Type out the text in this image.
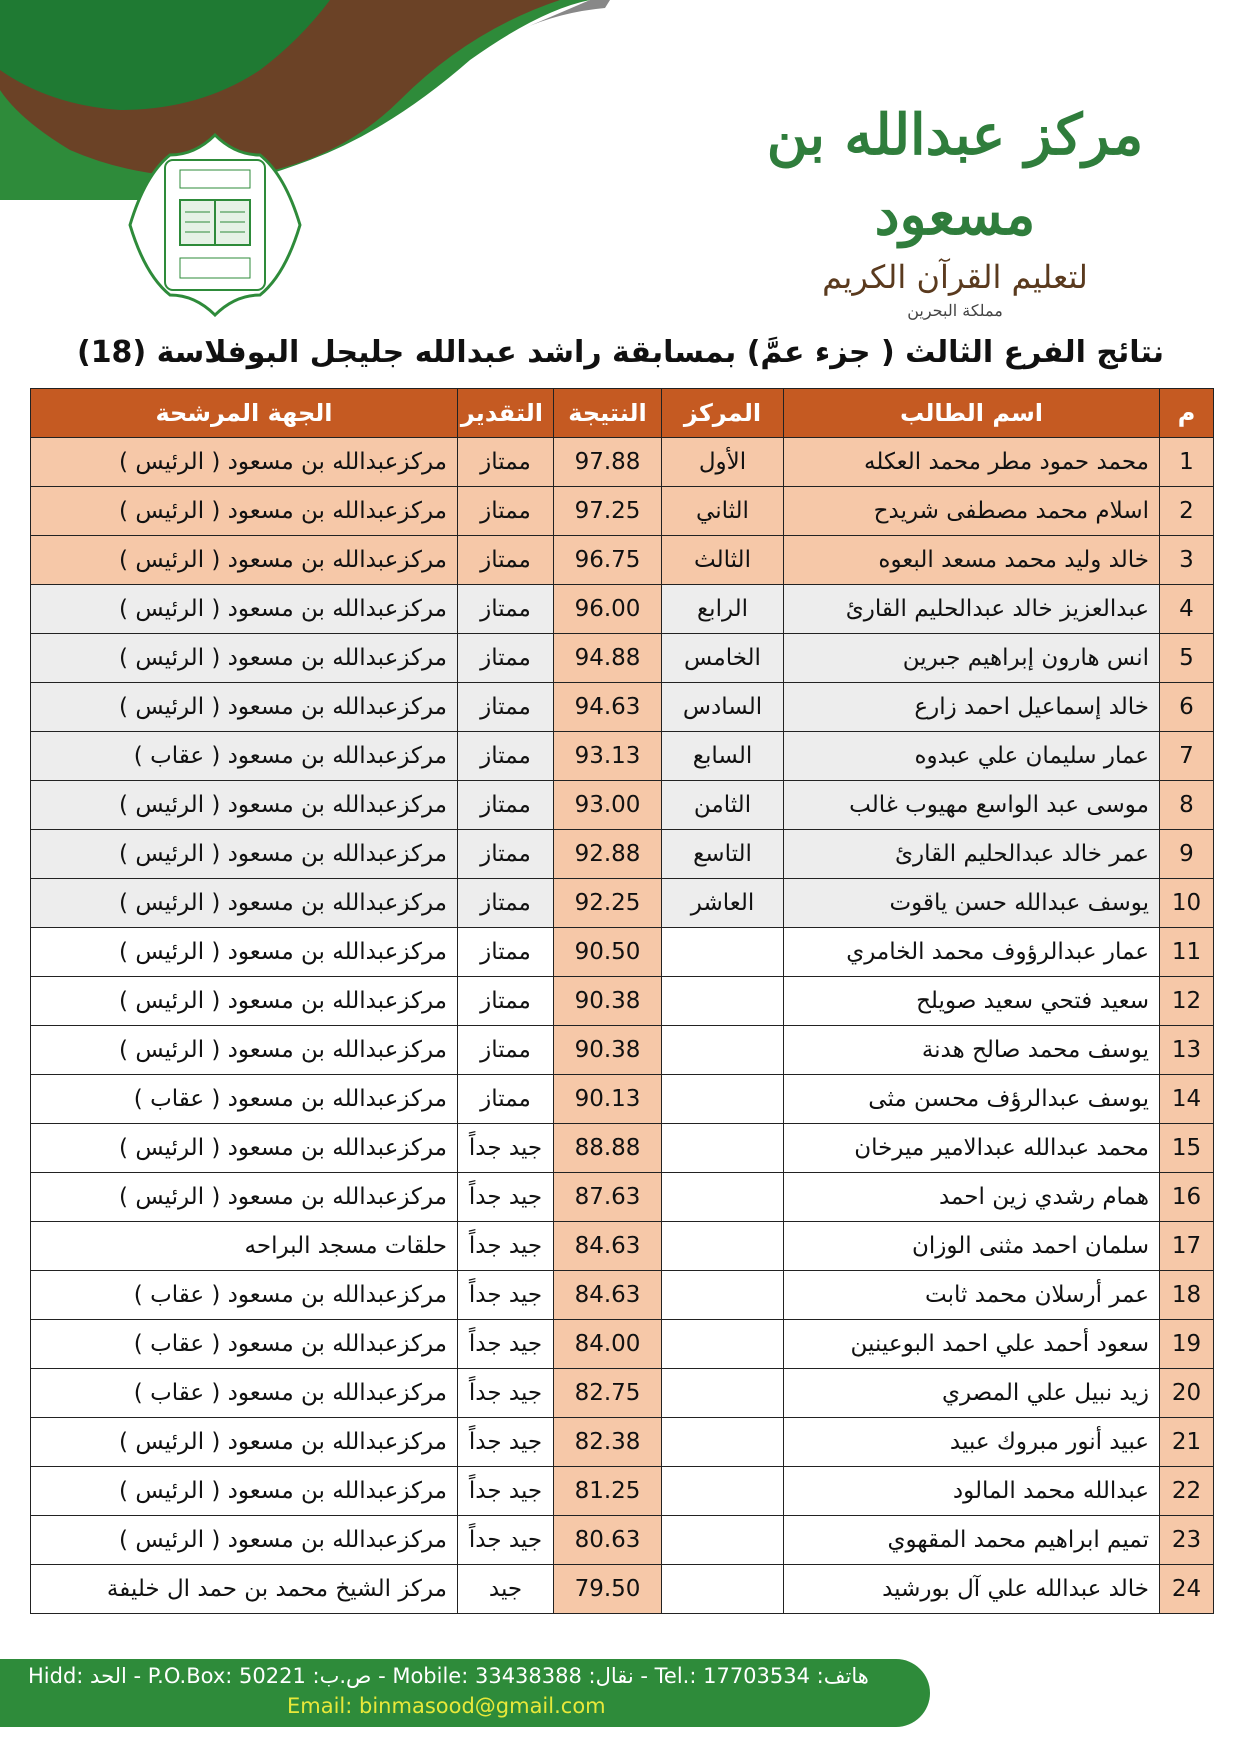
مركز عبدالله بن مسعود
لتعليم القرآن الكريم
مملكة البحرين
نتائج الفرع الثالث ( جزء عمَّ) بمسابقة راشد عبدالله جليجل البوفلاسة (18)
م	اسم الطالب	المركز	النتيجة	التقدير	الجهة المرشحة
1	محمد حمود مطر محمد العكله	الأول	97.88	ممتاز	مركزعبدالله بن مسعود ( الرئيس )
2	اسلام محمد مصطفى شريدح	الثاني	97.25	ممتاز	مركزعبدالله بن مسعود ( الرئيس )
3	خالد وليد محمد مسعد البعوه	الثالث	96.75	ممتاز	مركزعبدالله بن مسعود ( الرئيس )
4	عبدالعزيز خالد عبدالحليم القارئ	الرابع	96.00	ممتاز	مركزعبدالله بن مسعود ( الرئيس )
5	انس هارون إبراهيم جبرين	الخامس	94.88	ممتاز	مركزعبدالله بن مسعود ( الرئيس )
6	خالد إسماعيل احمد زارع	السادس	94.63	ممتاز	مركزعبدالله بن مسعود ( الرئيس )
7	عمار سليمان علي عبدوه	السابع	93.13	ممتاز	مركزعبدالله بن مسعود ( عقاب )
8	موسى عبد الواسع مهيوب غالب	الثامن	93.00	ممتاز	مركزعبدالله بن مسعود ( الرئيس )
9	عمر خالد عبدالحليم القارئ	التاسع	92.88	ممتاز	مركزعبدالله بن مسعود ( الرئيس )
10	يوسف عبدالله حسن ياقوت	العاشر	92.25	ممتاز	مركزعبدالله بن مسعود ( الرئيس )
11	عمار عبدالرؤوف محمد الخامري		90.50	ممتاز	مركزعبدالله بن مسعود ( الرئيس )
12	سعيد فتحي سعيد صويلح		90.38	ممتاز	مركزعبدالله بن مسعود ( الرئيس )
13	يوسف محمد صالح هدنة		90.38	ممتاز	مركزعبدالله بن مسعود ( الرئيس )
14	يوسف عبدالرؤف محسن مثى		90.13	ممتاز	مركزعبدالله بن مسعود ( عقاب )
15	محمد عبدالله عبدالامير ميرخان		88.88	جيد جداً	مركزعبدالله بن مسعود ( الرئيس )
16	همام رشدي زين احمد		87.63	جيد جداً	مركزعبدالله بن مسعود ( الرئيس )
17	سلمان احمد مثنى الوزان		84.63	جيد جداً	حلقات مسجد البراحه
18	عمر أرسلان محمد ثابت		84.63	جيد جداً	مركزعبدالله بن مسعود ( عقاب )
19	سعود أحمد علي احمد البوعينين		84.00	جيد جداً	مركزعبدالله بن مسعود ( عقاب )
20	زيد نبيل علي المصري		82.75	جيد جداً	مركزعبدالله بن مسعود ( عقاب )
21	عبيد أنور مبروك عبيد		82.38	جيد جداً	مركزعبدالله بن مسعود ( الرئيس )
22	عبدالله محمد المالود		81.25	جيد جداً	مركزعبدالله بن مسعود ( الرئيس )
23	تميم ابراهيم محمد المقهوي		80.63	جيد جداً	مركزعبدالله بن مسعود ( الرئيس )
24	خالد عبدالله علي آل بورشيد		79.50	جيد	مركز الشيخ محمد بن حمد ال خليفة
Hidd: الحد - P.O.Box: 50221 :ص.ب - Mobile: 33438388 :نقال - Tel.: 17703534 :هاتف
Email: binmasood@gmail.com
